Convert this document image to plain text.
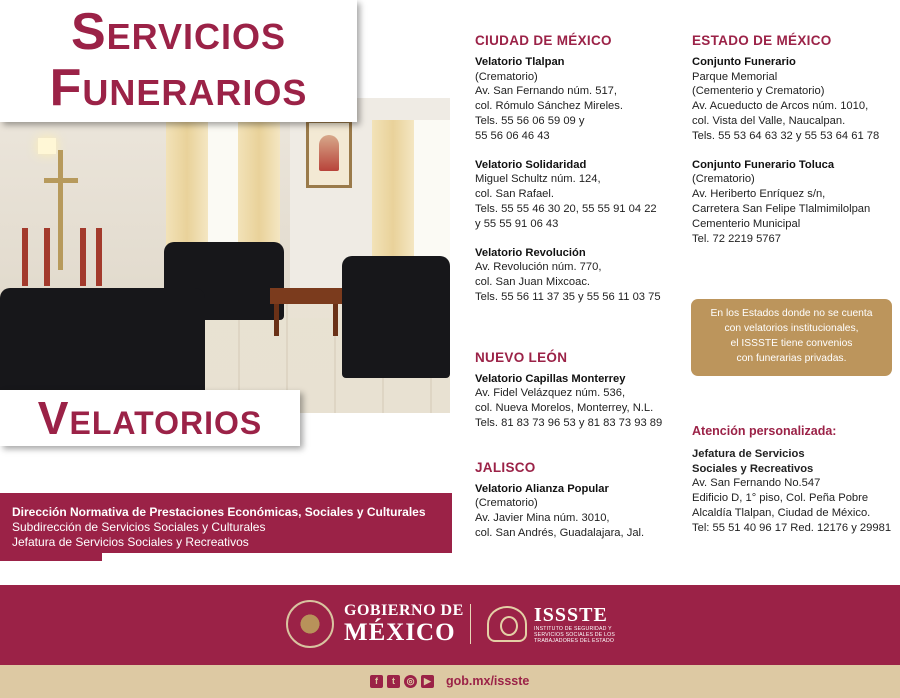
Servicios
Funerarios
Velatorios
Dirección Normativa de Prestaciones Económicas, Sociales y Culturales
Subdirección de Servicios Sociales y Culturales
Jefatura de Servicios Sociales y Recreativos
CIUDAD DE MÉXICO
Velatorio Tlalpan
(Crematorio)
Av. San Fernando núm. 517,
col. Rómulo Sánchez Mireles.
Tels. 55 56 06 59 09 y
55 56 06 46 43
Velatorio Solidaridad
Miguel Schultz núm. 124,
col. San Rafael.
Tels. 55 55 46 30 20, 55 55 91 04 22
y 55 55 91 06 43
Velatorio Revolución
Av. Revolución núm. 770,
col. San Juan Mixcoac.
Tels. 55 56 11 37 35 y 55 56 11 03 75
NUEVO LEÓN
Velatorio Capillas Monterrey
Av. Fidel Velázquez núm. 536,
col. Nueva Morelos, Monterrey, N.L.
Tels. 81 83 73 96 53 y 81 83 73 93 89
JALISCO
Velatorio Alianza Popular
(Crematorio)
Av. Javier Mina núm. 3010,
col. San Andrés, Guadalajara, Jal.
ESTADO DE MÉXICO
Conjunto Funerario
Parque Memorial
(Cementerio y Crematorio)
Av. Acueducto de Arcos núm. 1010,
col. Vista del Valle, Naucalpan.
Tels. 55 53 64 63 32 y 55 53 64 61 78
Conjunto Funerario Toluca
(Crematorio)
Av. Heriberto Enríquez s/n,
Carretera San Felipe Tlalmimilolpan
Cementerio Municipal
Tel. 72 2219 5767
En los Estados donde no se cuenta
con velatorios institucionales,
el ISSSTE tiene convenios
con funerarias privadas.
Atención personalizada:
Jefatura de Servicios
Sociales y Recreativos
Av. San Fernando No.547
Edificio D, 1° piso, Col. Peña Pobre
Alcaldía Tlalpan, Ciudad de México.
Tel: 55 51 40 96 17 Red. 12176 y 29981
GOBIERNO DE
MÉXICO
ISSSTE
INSTITUTO DE SEGURIDAD Y SERVICIOS SOCIALES DE LOS TRABAJADORES DEL ESTADO
f	t	◎	▶ gob.mx/issste
